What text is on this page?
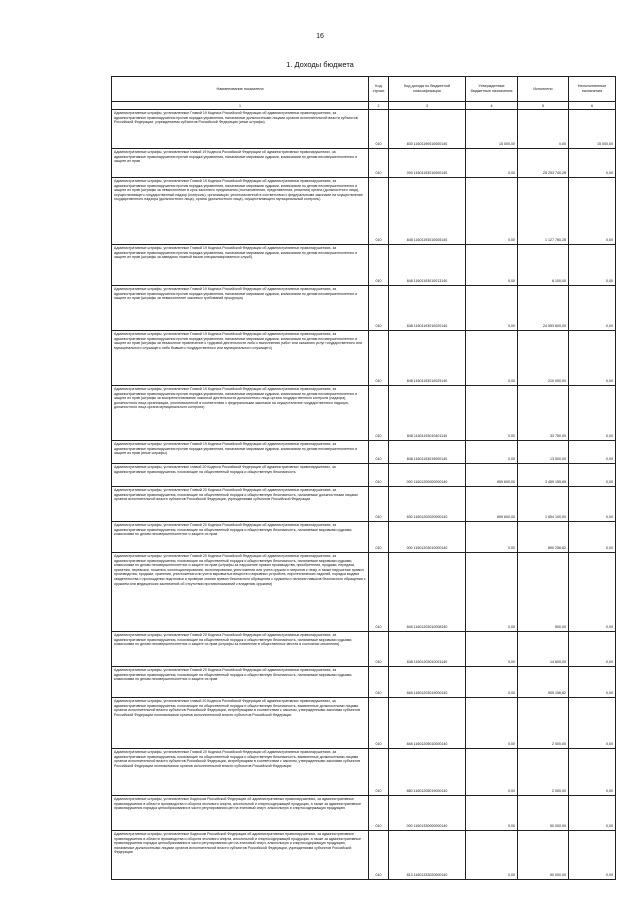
16
1. Доходы бюджета
Наименование показателя	Код строки	Код дохода по бюджетной классификации	Утвержденные бюджетные назначения	Исполнено	Неисполненные назначения
1	2	3	4	5	6
Административные штрафы, установленные Главой 19 Кодекса Российской Федерации об административных правонарушениях, за административные правонарушения против порядка управления, налагаемые должностными лицами органов исполнительной власти субъектов Российской Федерации, учреждениями субъектов Российской Федерации (иные штрафы)	010	830 11601190010000140	15 000,00	0,00	15 000,00
Административные штрафы, установленные главой 19 Кодекса Российской Федерации об административных правонарушениях, за административные правонарушения против порядка управления, налагаемые мировыми судьями, комиссиями по делам несовершеннолетних и защите их прав	010	000 11601193010000140	0,00	25 253 740,28	0,00
Административные штрафы, установленные Главой 19 Кодекса Российской Федерации об административных правонарушениях, за административные правонарушения против порядка управления, налагаемые мировыми судьями, комиссиями по делам несовершеннолетних и защите их прав (штрафы за невыполнение в срок законного предписания (постановления, представления, решения) органа (должностного лица), осуществляющего государственный надзор (контроль), организации, уполномоченной в соответствии с федеральными законами на осуществление государственного надзора (должностного лица), органа (должностного лица), осуществляющего муниципальный контроль)	010	848 11601193010005140	0,00	1 127 760,28	0,00
Административные штрафы, установленные Главой 19 Кодекса Российской Федерации об административных правонарушениях, за административные правонарушения против порядка управления, налагаемые мировыми судьями, комиссиями по делам несовершеннолетних и защите их прав (штрафы за заведомо ложный вызов специализированных служб)	010	848 11601193010013140	0,00	6 100,00	0,00
Административные штрафы, установленные Главой 19 Кодекса Российской Федерации об административных правонарушениях, за административные правонарушения против порядка управления, налагаемые мировыми судьями, комиссиями по делам несовершеннолетних и защите их прав (штрафы за невыполнение законных требований прокурора)	010	848 11601193010020140	0,00	24 553 600,00	0,00
Административные штрафы, установленные Главой 19 Кодекса Российской Федерации об административных правонарушениях, за административные правонарушения против порядка управления, налагаемые мировыми судьями, комиссиями по делам несовершеннолетних и защите их прав (штрафы за незаконное привлечение к трудовой деятельности либо к выполнению работ или оказанию услуг государственного или муниципального служащего либо бывшего государственного или муниципального служащего)	010	848 11601193010029140	0,00	210 000,00	0,00
Административные штрафы, установленные Главой 19 Кодекса Российской Федерации об административных правонарушениях, за административные правонарушения против порядка управления, налагаемые мировыми судьями, комиссиями по делам несовершеннолетних и защите их прав (штрафы за воспрепятствование законной деятельности должностного лица органа государственного контроля (надзора), должностного лица организации, уполномоченной в соответствии с федеральными законами на осуществление государственного надзора, должностного лица органа муниципального контроля)	010	848 11601193010401140	0,00	33 750,00	0,00
Административные штрафы, установленные Главой 19 Кодекса Российской Федерации об административных правонарушениях, за административные правонарушения против порядка управления, налагаемые мировыми судьями, комиссиями по делам несовершеннолетних и защите их прав (иные штрафы)	010	848 11601193019000140	0,00	13 500,00	0,00
Административные штрафы, установленные главой 20 Кодекса Российской Федерации об административных правонарушениях, за административные правонарушения, посягающие на общественный порядок и общественную безопасность	010	000 11601200000000140	659 600,00	3 459 155,69	0,00
Административные штрафы, установленные Главой 20 Кодекса Российской Федерации об административных правонарушениях, за административные правонарушения, посягающие на общественный порядок и общественную безопасность, налагаемые должностными лицами органов исполнительной власти субъектов Российской Федерации, учреждениями субъектов Российской Федерации	010	830 11601202020000140	659 600,00	1 654 100,00	0,00
Административные штрафы, установленные Главой 20 Кодекса Российской Федерации об административных правонарушениях, за административные правонарушения, посягающие на общественный порядок и общественную безопасность, налагаемые мировыми судьями, комиссиями по делам несовершеннолетних и защите их прав	010	000 11601203010000140	0,00	890 256,82	0,00
Административные штрафы, установленные Главой 20 Кодекса Российской Федерации об административных правонарушениях, за административные правонарушения, посягающие на общественный порядок и общественную безопасность, налагаемые мировыми судьями, комиссиями по делам несовершеннолетних и защите их прав (штрафы за нарушение правил производства, приобретения, продажи, передачи, хранения, перевозки, ношения, коллекционирования, экспонирования, уничтожения или учета оружия и патронов к нему, а также нарушение правил производства, продажи, хранения, уничтожения или учета взрывчатых веществ и взрывных устройств, пиротехнических изделий, порядка выдачи свидетельства о прохождении подготовки и проверки знания правил безопасного обращения с оружием и наличия навыков безопасного обращения с оружием или медицинских заключений об отсутствии противопоказаний к владению оружием)	010	848 11601203010008140	0,00	500,00	0,00
Административные штрафы, установленные Главой 20 Кодекса Российской Федерации об административных правонарушениях, за административные правонарушения, посягающие на общественный порядок и общественную безопасность, налагаемые мировыми судьями, комиссиями по делам несовершеннолетних и защите их прав (штрафы за появление в общественных местах в состоянии опьянения)	010	848 11601203010021140	0,00	14 600,00	0,00
Административные штрафы, установленные Главой 20 Кодекса Российской Федерации об административных правонарушениях, за административные правонарушения, посягающие на общественный порядок и общественную безопасность, налагаемые мировыми судьями, комиссиями по делам несовершеннолетних и защите их прав	010	848 11601203019000140	0,00	905 156,82	0,00
Административные штрафы, установленные главой 20 Кодекса Российской Федерации об административных правонарушениях, за административные правонарушения, посягающие на общественный порядок и общественную безопасность, выявленные должностными лицами органов исполнительной власти субъектов Российской Федерации, истребующими в соответствии с законом, утвержденными законами субъектов Российской Федерации полномочиями органов исполнительной власти субъектов Российской Федерации	010	848 11601205010000140	0,00	2 000,00	0,00
Административные штрафы, установленные Главой 20 Кодекса Российской Федерации об административных правонарушениях, за административные правонарушения, посягающие на общественный порядок и общественную безопасность, выявленные должностными лицами органов исполнительной власти субъектов Российской Федерации, истребующими в соответствии с законом, утвержденными законами субъектов Российской Федерации полномочиями органов исполнительной власти субъектов Российской Федерации	010	880 11601205019000140	0,00	2 000,00	0,00
Административные штрафы, установленные Кодексом Российской Федерации об административных правонарушениях, за административные правонарушения в области производства и оборота этилового спирта, алкогольной и спиртосодержащей продукции, а также за административные правонарушения порядка ценообразования в части регулирования цен на этиловый спирт, алкогольную и спиртосодержащую продукцию	010	000 11601330000000140	0,00	50 000,00	0,00
Административные штрафы, установленные Кодексом Российской Федерации об административных правонарушениях, за административные правонарушения в области производства и оборота этилового спирта, алкогольной и спиртосодержащей продукции, а также за административные правонарушения порядка ценообразования в части регулирования цен на этиловый спирт, алкогольную и спиртосодержащую продукцию, налагаемые должностными лицами органов исполнительной власти субъектов Российской Федерации, учреждениями субъектов Российской Федерации	010	813 11601333020000140	0,00	50 000,00	0,00
